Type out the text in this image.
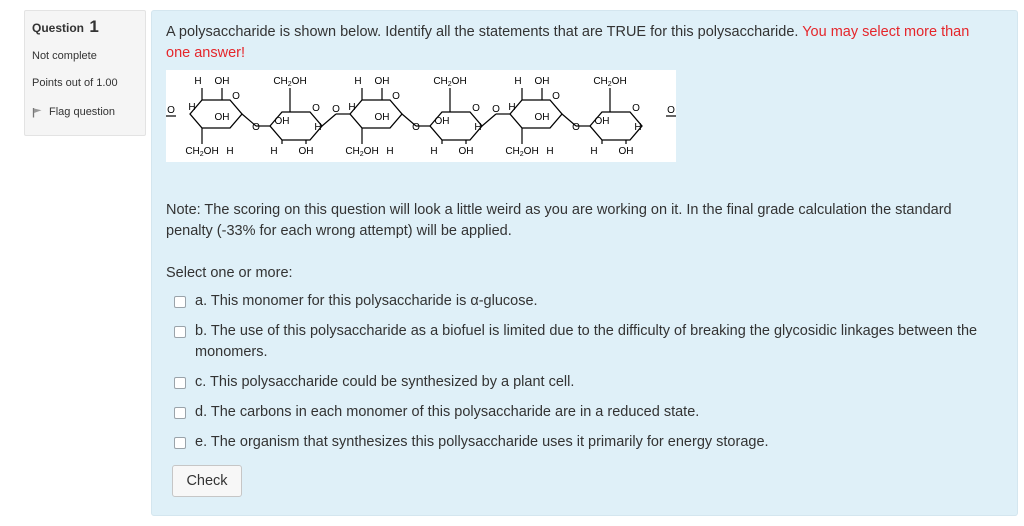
Question 1
Not complete
Points out of 1.00
Flag question
A polysaccharide is shown below. Identify all the statements that are TRUE for this polysaccharide. You may select more than one answer!
O	O
O
H OH
$CH_2OH$ H
OH
H
O
O
$CH_2OH$
H OH
OH
H
O
O
H OH
$CH_2OH$ H
OH
H
O
O
$CH_2OH$
H OH
OH
H
O
O
H OH
$CH_2OH$ H
OH
H
O
O
$CH_2OH$
H OH
OH
H
Note: The scoring on this question will look a little weird as you are working on it. In the final grade calculation the standard penalty (-33% for each wrong attempt) will be applied.
Select one or more:
a. This monomer for this polysaccharide is α-glucose.
b. The use of this polysaccharide as a biofuel is limited due to the difficulty of breaking the glycosidic linkages between the monomers.
c. This polysaccharide could be synthesized by a plant cell.
d. The carbons in each monomer of this polysaccharide are in a reduced state.
e. The organism that synthesizes this pollysaccharide uses it primarily for energy storage.
Check
